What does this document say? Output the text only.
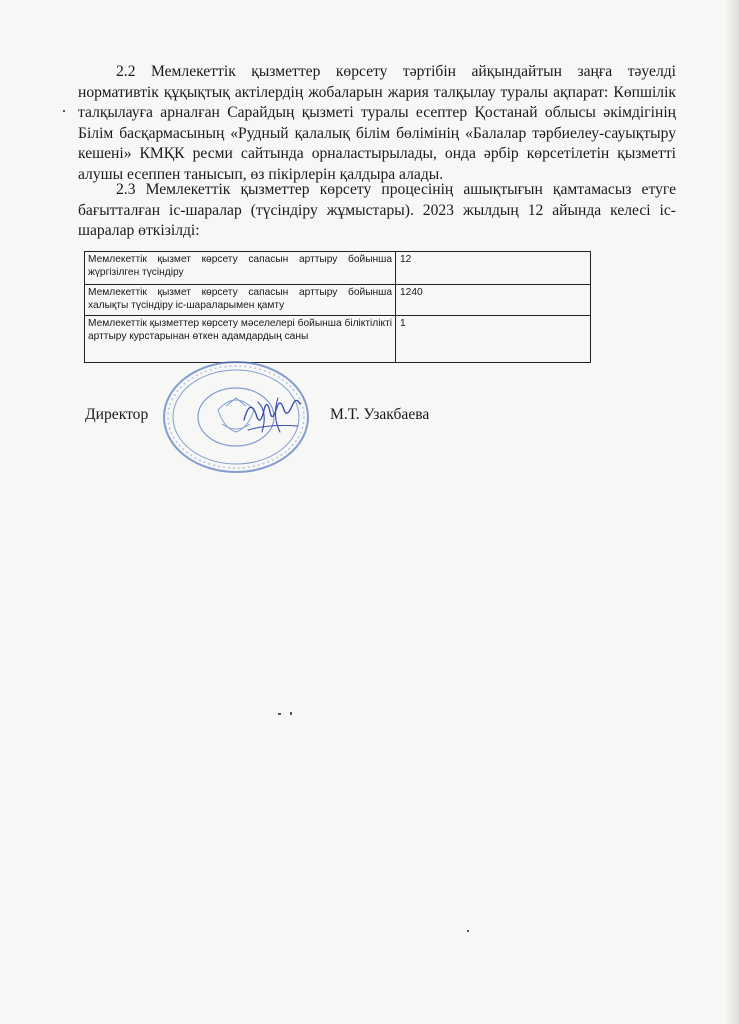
2.2 Мемлекеттік қызметтер көрсету тәртібін айқындайтын заңға тәуелді нормативтік құқықтық актілердің жобаларын жария талқылау туралы ақпарат: Көпшілік талқылауға арналған Сарайдың қызметі туралы есептер Қостанай облысы әкімдігінің Білім басқармасының «Рудный қалалық білім бөлімінің «Балалар тәрбиелеу-сауықтыру кешені» КМҚК ресми сайтында орналастырылады, онда әрбір көрсетілетін қызметті алушы есеппен танысып, өз пікірлерін қалдыра алады.

2.3 Мемлекеттік қызметтер көрсету процесінің ашықтығын қамтамасыз етуге бағытталған іс-шаралар (түсіндіру жұмыстары). 2023 жылдың 12 айында келесі іс-шаралар өткізілді:

Мемлекеттік қызмет көрсету сапасын арттыру бойынша жүргізілген түсіндіру	12
Мемлекеттік қызмет көрсету сапасын арттыру бойынша халықты түсіндіру іс-шараларымен қамту	1240
Мемлекеттік қызметтер көрсету мәселелері бойынша біліктілікті арттыру курстарынан өткен адамдардың саны	1
Директор	М.Т. Узакбаева
